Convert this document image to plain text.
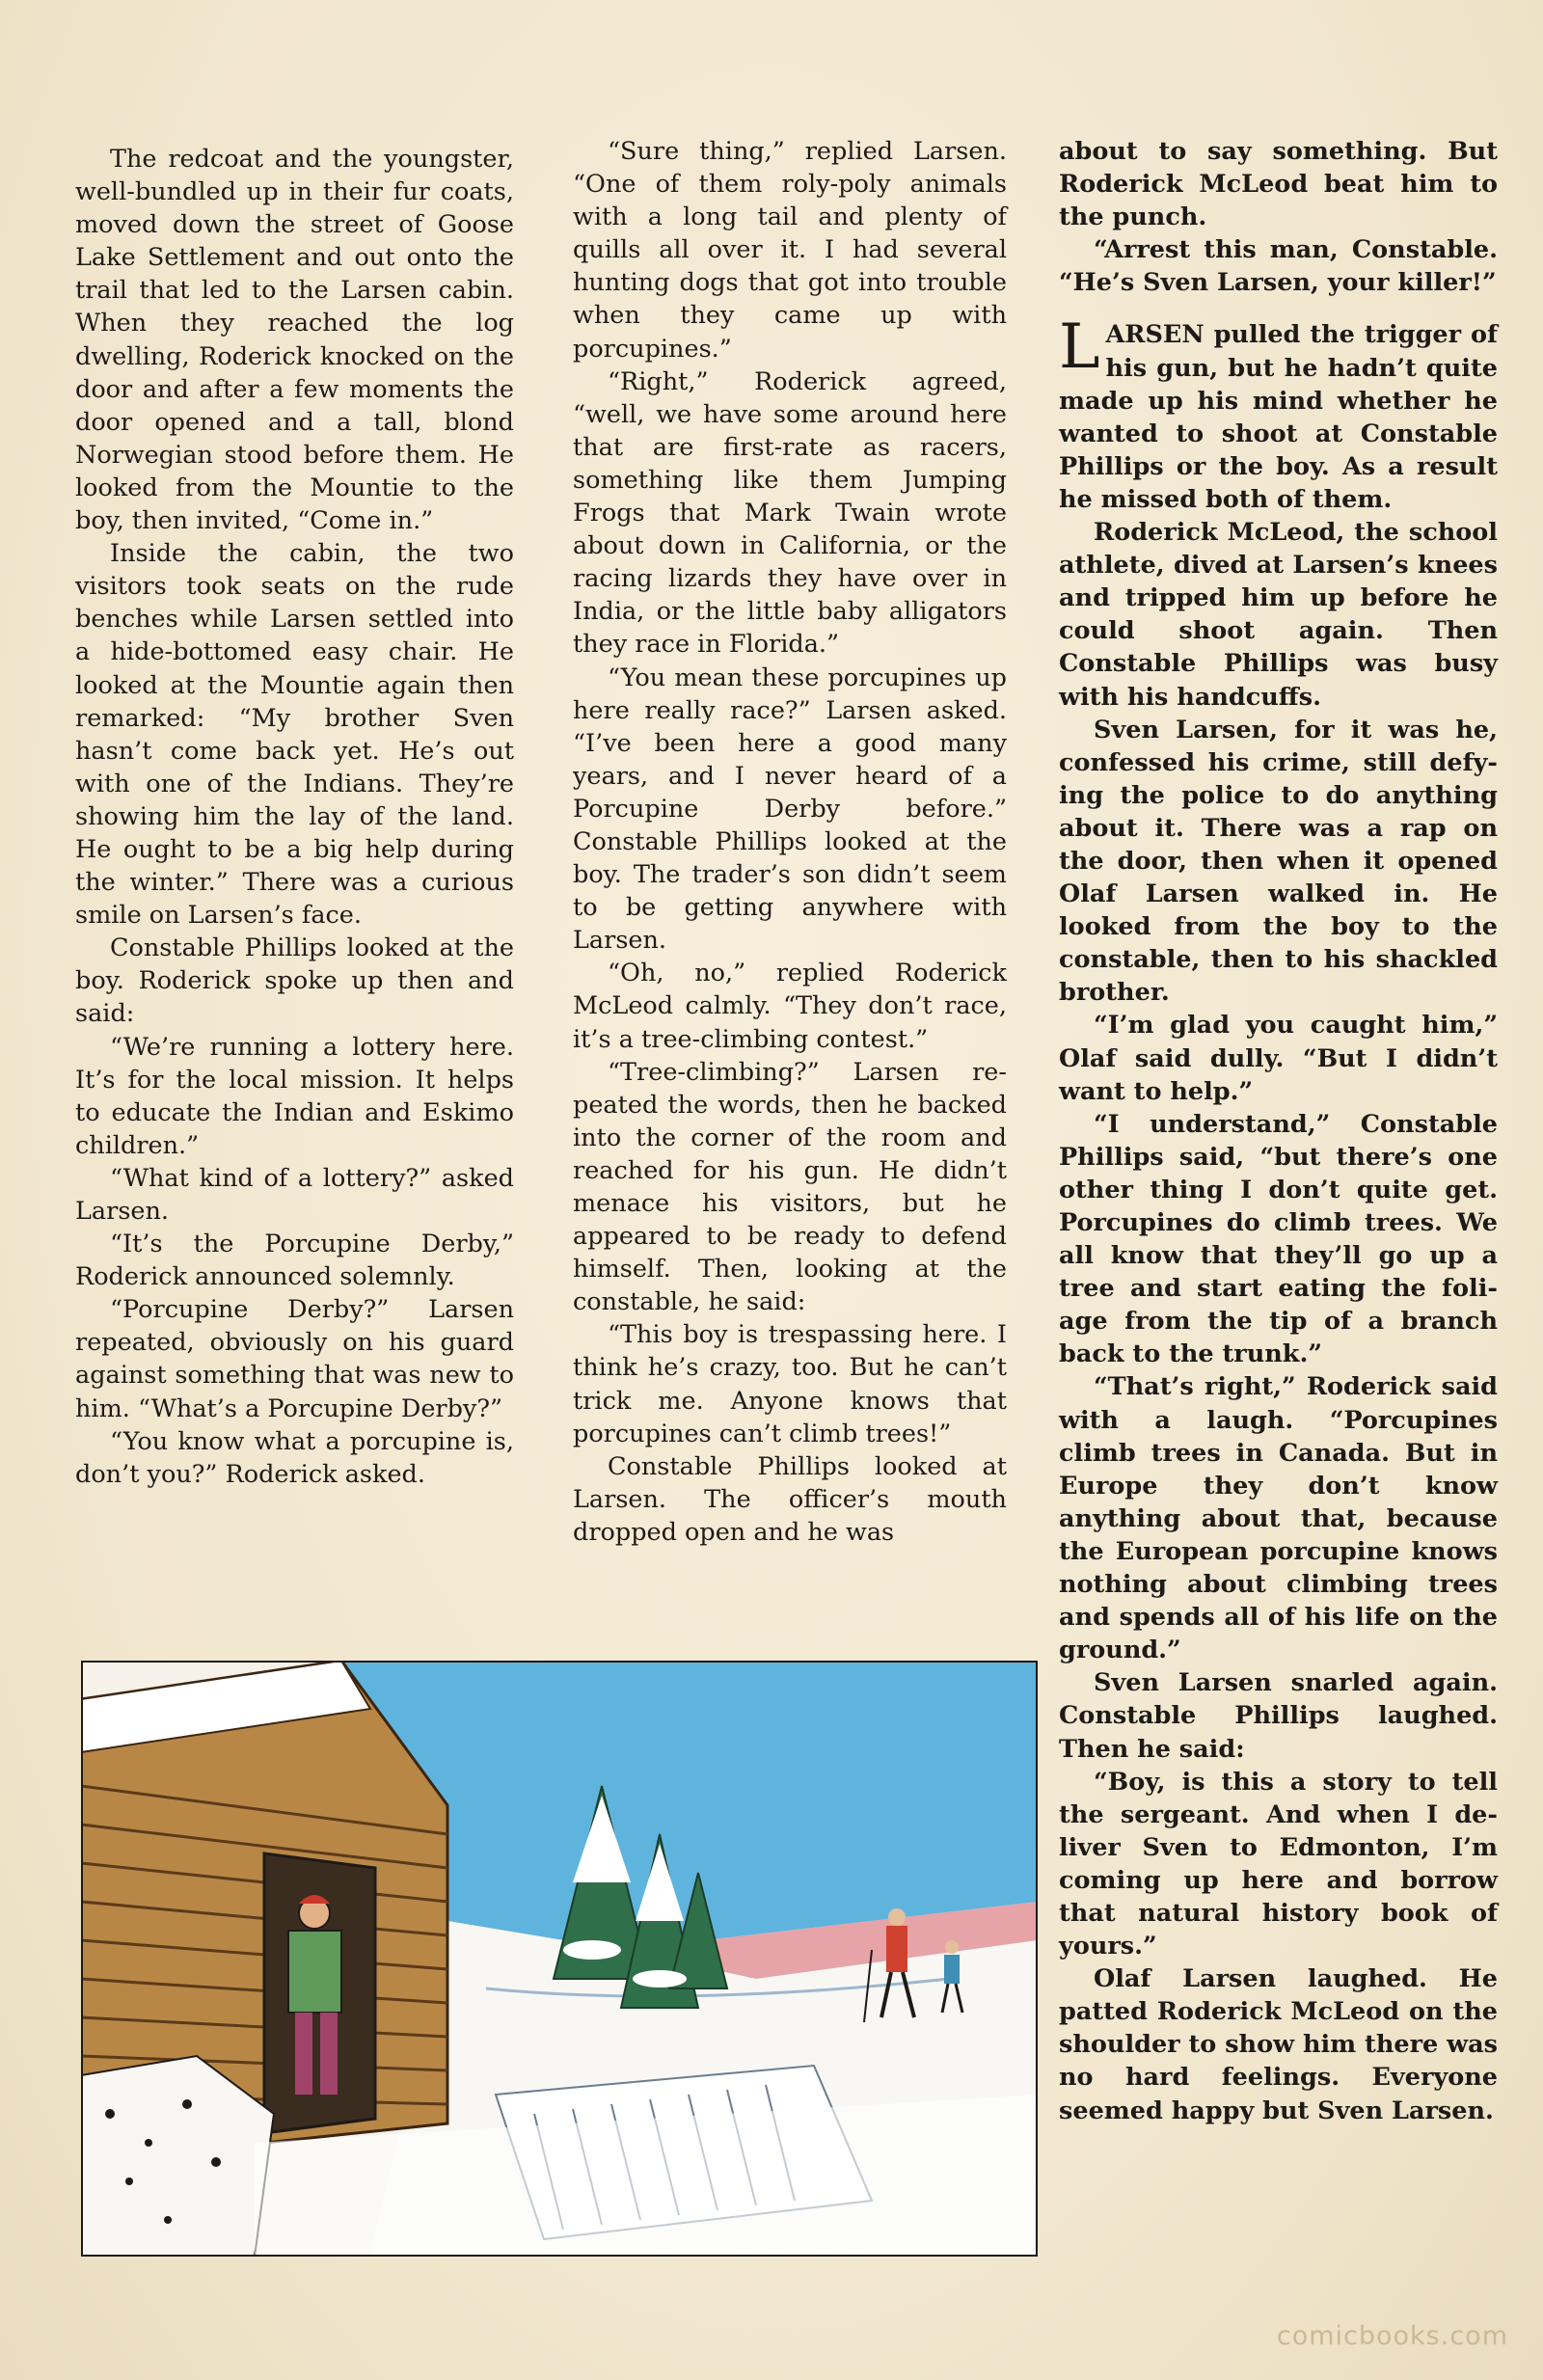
The redcoat and the youngster, well-bundled up in their fur coats, moved down the street of Goose Lake Settlement and out onto the trail that led to the Larsen cabin. When they reached the log dwelling, Roderick knocked on the door and after a few moments the door opened and a tall, blond Norwegian stood before them. He looked from the Mountie to the boy, then invited, “Come in.”

Inside the cabin, the two visitors took seats on the rude benches while Larsen settled into a hide-bottomed easy chair. He looked at the Mountie again then remarked: “My brother Sven hasn’t come back yet. He’s out with one of the Indians. They’re showing him the lay of the land. He ought to be a big help during the winter.” There was a curious smile on Larsen’s face.

Constable Phillips looked at the boy. Roderick spoke up then and said:

“We’re running a lottery here. It’s for the local mission. It helps to educate the Indian and Eskimo children.”

“What kind of a lottery?” asked Larsen.

“It’s the Porcupine Derby,” Roderick announced solemnly.

“Porcupine Derby?” Larsen repeated, obviously on his guard against something that was new to him. “What’s a Porcupine Derby?”

“You know what a porcupine is, don’t you?” Roderick asked.

“Sure thing,” replied Larsen. “One of them roly-poly animals with a long tail and plenty of quills all over it. I had several hunting dogs that got into trouble when they came up with porcupines.”

“Right,” Roderick agreed, “well, we have some around here that are first-rate as racers, something like them Jumping Frogs that Mark Twain wrote about down in California, or the racing lizards they have over in India, or the little baby alligators they race in Florida.”

“You mean these porcupines up here really race?” Larsen asked. “I’ve been here a good many years, and I never heard of a Porcupine Derby before.” Constable Phillips looked at the boy. The trader’s son didn’t seem to be getting anywhere with Larsen.

“Oh, no,” replied Roderick McLeod calmly. “They don’t race, it’s a tree-climbing contest.”

“Tree-climbing?” Larsen repeated the words, then he backed into the corner of the room and reached for his gun. He didn’t menace his visitors, but he appeared to be ready to defend himself. Then, looking at the constable, he said:

“This boy is trespassing here. I think he’s crazy, too. But he can’t trick me. Anyone knows that porcupines can’t climb trees!”

Constable Phillips looked at Larsen. The officer’s mouth dropped open and he was

about to say something. But Roderick McLeod beat him to the punch.

“Arrest this man, Constable. “He’s Sven Larsen, your killer!”

LARSEN pulled the trigger of his gun, but he hadn’t quite made up his mind whether he wanted to shoot at Constable Phillips or the boy. As a result he missed both of them.

Roderick McLeod, the school athlete, dived at Larsen’s knees and tripped him up before he could shoot again. Then Constable Phillips was busy with his handcuffs.

Sven Larsen, for it was he, confessed his crime, still defying the police to do anything about it. There was a rap on the door, then when it opened Olaf Larsen walked in. He looked from the boy to the constable, then to his shackled brother.

“I’m glad you caught him,” Olaf said dully. “But I didn’t want to help.”

“I understand,” Constable Phillips said, “but there’s one other thing I don’t quite get. Porcupines do climb trees. We all know that they’ll go up a tree and start eating the foliage from the tip of a branch back to the trunk.”

“That’s right,” Roderick said with a laugh. “Porcupines climb trees in Canada. But in Europe they don’t know anything about that, because the European porcupine knows nothing about climbing trees and spends all of his life on the ground.”

Sven Larsen snarled again. Constable Phillips laughed. Then he said:

“Boy, is this a story to tell the sergeant. And when I deliver Sven to Edmonton, I’m coming up here and borrow that natural history book of yours.”

Olaf Larsen laughed. He patted Roderick McLeod on the shoulder to show him there was no hard feelings. Everyone seemed happy but Sven Larsen.

comicbooks.com
